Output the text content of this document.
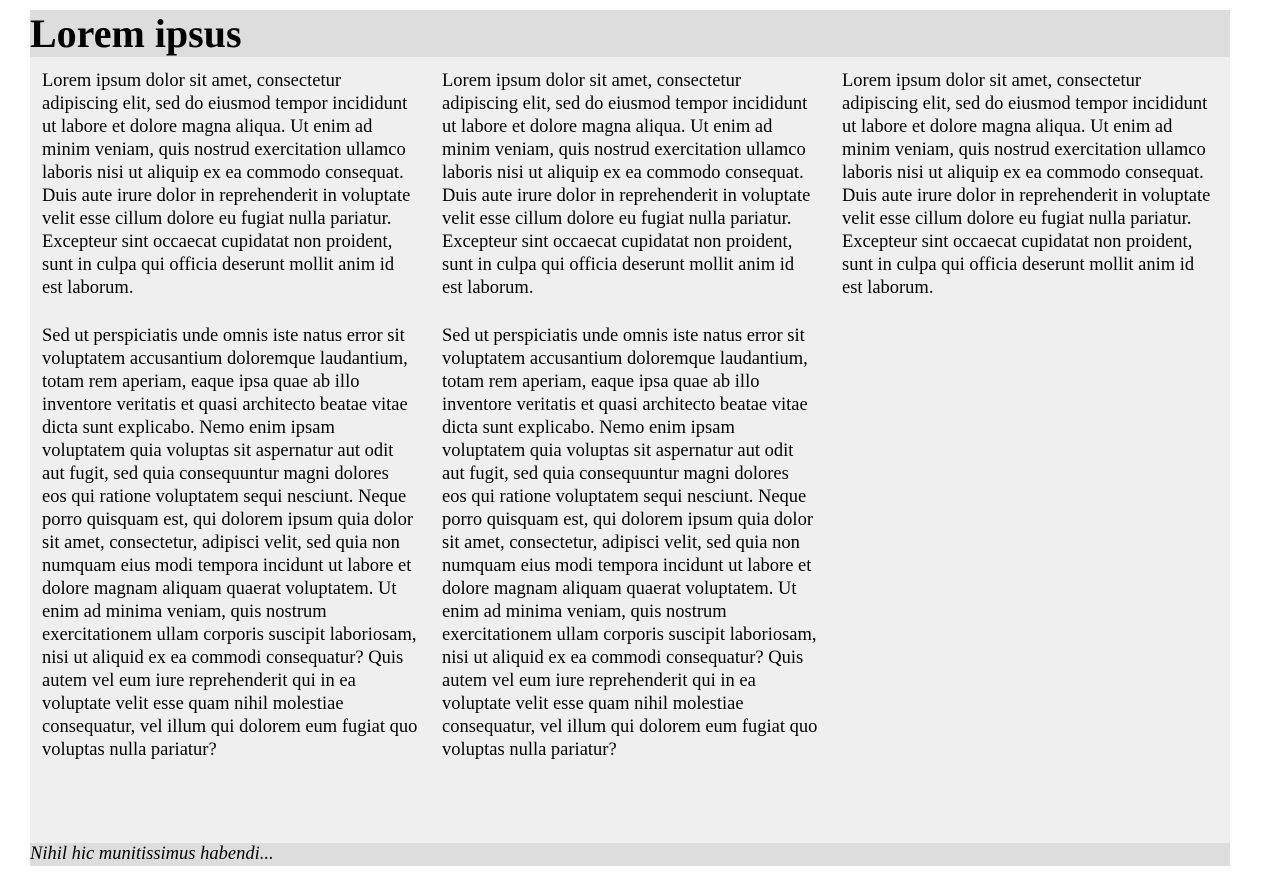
Lorem ipsus

Lorem ipsum dolor sit amet, consectetur adipiscing elit, sed do eiusmod tempor incididunt ut labore et dolore magna aliqua. Ut enim ad minim veniam, quis nostrud exercitation ullamco laboris nisi ut aliquip ex ea commodo consequat. Duis aute irure dolor in reprehenderit in voluptate velit esse cillum dolore eu fugiat nulla pariatur. Excepteur sint occaecat cupidatat non proident, sunt in culpa qui officia deserunt mollit anim id est laborum.

Sed ut perspiciatis unde omnis iste natus error sit voluptatem accusantium doloremque laudantium, totam rem aperiam, eaque ipsa quae ab illo inventore veritatis et quasi architecto beatae vitae dicta sunt explicabo. Nemo enim ipsam voluptatem quia voluptas sit aspernatur aut odit aut fugit, sed quia consequuntur magni dolores eos qui ratione voluptatem sequi nesciunt. Neque porro quisquam est, qui dolorem ipsum quia dolor sit amet, consectetur, adipisci velit, sed quia non numquam eius modi tempora incidunt ut labore et dolore magnam aliquam quaerat voluptatem. Ut enim ad minima veniam, quis nostrum exercitationem ullam corporis suscipit laboriosam, nisi ut aliquid ex ea commodi consequatur? Quis autem vel eum iure reprehenderit qui in ea voluptate velit esse quam nihil molestiae consequatur, vel illum qui dolorem eum fugiat quo voluptas nulla pariatur?

Lorem ipsum dolor sit amet, consectetur adipiscing elit, sed do eiusmod tempor incididunt ut labore et dolore magna aliqua. Ut enim ad minim veniam, quis nostrud exercitation ullamco laboris nisi ut aliquip ex ea commodo consequat. Duis aute irure dolor in reprehenderit in voluptate velit esse cillum dolore eu fugiat nulla pariatur. Excepteur sint occaecat cupidatat non proident, sunt in culpa qui officia deserunt mollit anim id est laborum.

Sed ut perspiciatis unde omnis iste natus error sit voluptatem accusantium doloremque laudantium, totam rem aperiam, eaque ipsa quae ab illo inventore veritatis et quasi architecto beatae vitae dicta sunt explicabo. Nemo enim ipsam voluptatem quia voluptas sit aspernatur aut odit aut fugit, sed quia consequuntur magni dolores eos qui ratione voluptatem sequi nesciunt. Neque porro quisquam est, qui dolorem ipsum quia dolor sit amet, consectetur, adipisci velit, sed quia non numquam eius modi tempora incidunt ut labore et dolore magnam aliquam quaerat voluptatem. Ut enim ad minima veniam, quis nostrum exercitationem ullam corporis suscipit laboriosam, nisi ut aliquid ex ea commodi consequatur? Quis autem vel eum iure reprehenderit qui in ea voluptate velit esse quam nihil molestiae consequatur, vel illum qui dolorem eum fugiat quo voluptas nulla pariatur?

Lorem ipsum dolor sit amet, consectetur adipiscing elit, sed do eiusmod tempor incididunt ut labore et dolore magna aliqua. Ut enim ad minim veniam, quis nostrud exercitation ullamco laboris nisi ut aliquip ex ea commodo consequat. Duis aute irure dolor in reprehenderit in voluptate velit esse cillum dolore eu fugiat nulla pariatur. Excepteur sint occaecat cupidatat non proident, sunt in culpa qui officia deserunt mollit anim id est laborum.

Nihil hic munitissimus habendi...
